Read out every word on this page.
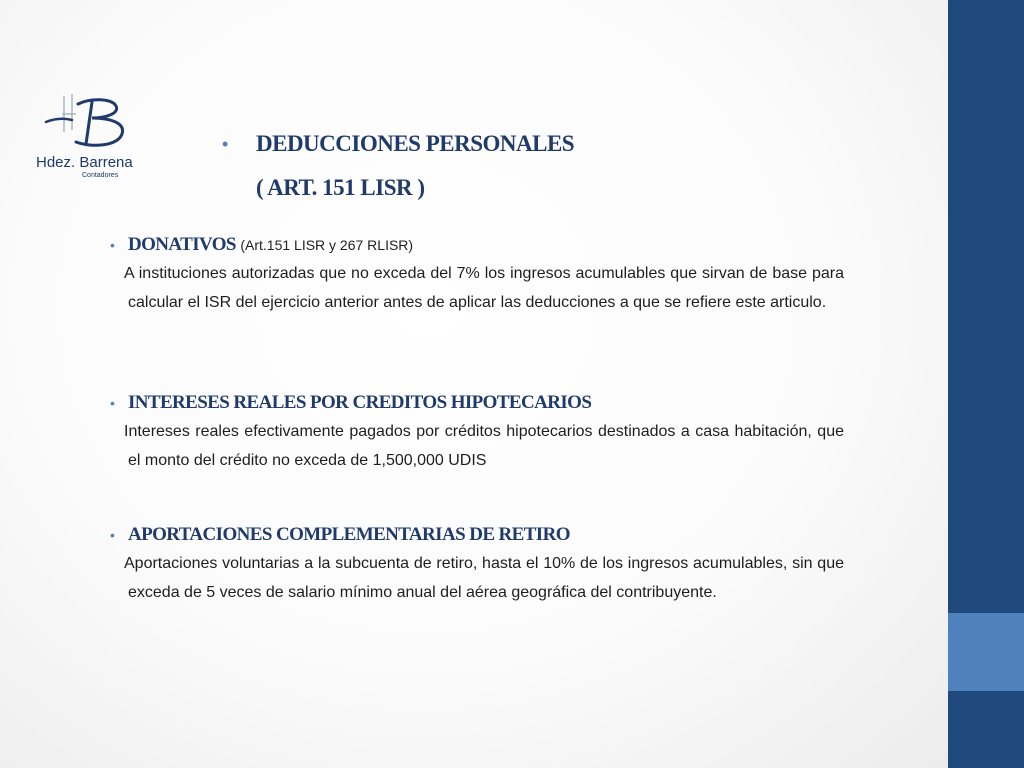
Hdez. Barrena
Contadores
• DEDUCCIONES PERSONALES
( ART. 151 LISR )
• DONATIVOS (Art.151 LISR y 267 RLISR)

A instituciones autorizadas que no exceda del 7% los ingresos acumulables que sirvan de base para calcular el ISR del ejercicio anterior antes de aplicar las deducciones a que se refiere este articulo.

• INTERESES REALES POR CREDITOS HIPOTECARIOS

Intereses reales efectivamente pagados por créditos hipotecarios destinados a casa habitación, que el monto del crédito no exceda de 1,500,000 UDIS

• APORTACIONES COMPLEMENTARIAS DE RETIRO

Aportaciones voluntarias a la subcuenta de retiro, hasta el 10% de los ingresos acumulables, sin que exceda de 5 veces de salario mínimo anual del aérea geográfica del contribuyente.
